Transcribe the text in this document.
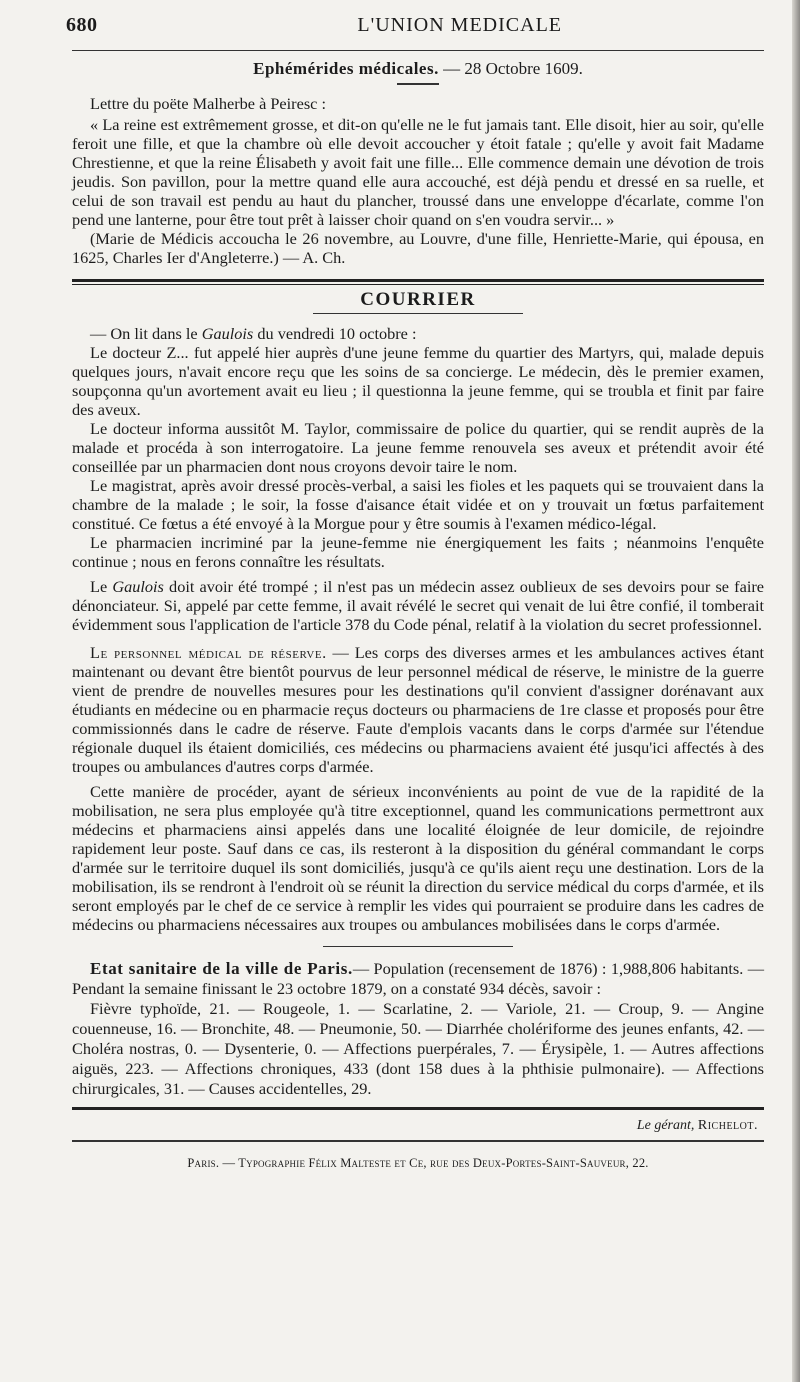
680	L'UNION MEDICALE
Ephémérides médicales. — 28 Octobre 1609.
Lettre du poëte Malherbe à Peiresc :

« La reine est extrêmement grosse, et dit-on qu'elle ne le fut jamais tant. Elle disoit, hier au soir, qu'elle feroit une fille, et que la chambre où elle devoit accoucher y étoit fatale ; qu'elle y avoit fait Madame Chrestienne, et que la reine Élisabeth y avoit fait une fille... Elle commence demain une dévotion de trois jeudis. Son pavillon, pour la mettre quand elle aura accouché, est déjà pendu et dressé en sa ruelle, et celui de son travail est pendu au haut du plancher, troussé dans une enveloppe d'écarlate, comme l'on pend une lanterne, pour être tout prêt à laisser choir quand on s'en voudra servir... »

(Marie de Médicis accoucha le 26 novembre, au Louvre, d'une fille, Henriette-Marie, qui épousa, en 1625, Charles Ier d'Angleterre.) — A. Ch.

COURRIER

— On lit dans le Gaulois du vendredi 10 octobre :

Le docteur Z... fut appelé hier auprès d'une jeune femme du quartier des Martyrs, qui, malade depuis quelques jours, n'avait encore reçu que les soins de sa concierge. Le médecin, dès le premier examen, soupçonna qu'un avortement avait eu lieu ; il questionna la jeune femme, qui se troubla et finit par faire des aveux.

Le docteur informa aussitôt M. Taylor, commissaire de police du quartier, qui se rendit auprès de la malade et procéda à son interrogatoire. La jeune femme renouvela ses aveux et prétendit avoir été conseillée par un pharmacien dont nous croyons devoir taire le nom.

Le magistrat, après avoir dressé procès-verbal, a saisi les fioles et les paquets qui se trouvaient dans la chambre de la malade ; le soir, la fosse d'aisance était vidée et on y trouvait un fœtus parfaitement constitué. Ce fœtus a été envoyé à la Morgue pour y être soumis à l'examen médico-légal.

Le pharmacien incriminé par la jeune-femme nie énergiquement les faits ; néanmoins l'enquête continue ; nous en ferons connaître les résultats.

Le Gaulois doit avoir été trompé ; il n'est pas un médecin assez oublieux de ses devoirs pour se faire dénonciateur. Si, appelé par cette femme, il avait révélé le secret qui venait de lui être confié, il tomberait évidemment sous l'application de l'article 378 du Code pénal, relatif à la violation du secret professionnel.

Le personnel médical de réserve. — Les corps des diverses armes et les ambulances actives étant maintenant ou devant être bientôt pourvus de leur personnel médical de réserve, le ministre de la guerre vient de prendre de nouvelles mesures pour les destinations qu'il convient d'assigner dorénavant aux étudiants en médecine ou en pharmacie reçus docteurs ou pharmaciens de 1re classe et proposés pour être commissionnés dans le cadre de réserve. Faute d'emplois vacants dans le corps d'armée sur l'étendue régionale duquel ils étaient domiciliés, ces médecins ou pharmaciens avaient été jusqu'ici affectés à des troupes ou ambulances d'autres corps d'armée.

Cette manière de procéder, ayant de sérieux inconvénients au point de vue de la rapidité de la mobilisation, ne sera plus employée qu'à titre exceptionnel, quand les communications permettront aux médecins et pharmaciens ainsi appelés dans une localité éloignée de leur domicile, de rejoindre rapidement leur poste. Sauf dans ce cas, ils resteront à la disposition du général commandant le corps d'armée sur le territoire duquel ils sont domiciliés, jusqu'à ce qu'ils aient reçu une destination. Lors de la mobilisation, ils se rendront à l'endroit où se réunit la direction du service médical du corps d'armée, et ils seront employés par le chef de ce service à remplir les vides qui pourraient se produire dans les cadres de médecins ou pharmaciens nécessaires aux troupes ou ambulances mobilisées dans le corps d'armée.

Etat sanitaire de la ville de Paris.— Population (recensement de 1876) : 1,988,806 habitants. — Pendant la semaine finissant le 23 octobre 1879, on a constaté 934 décès, savoir :

Fièvre typhoïde, 21. — Rougeole, 1. — Scarlatine, 2. — Variole, 21. — Croup, 9. — Angine couenneuse, 16. — Bronchite, 48. — Pneumonie, 50. — Diarrhée cholériforme des jeunes enfants, 42. — Choléra nostras, 0. — Dysenterie, 0. — Affections puerpérales, 7. — Érysipèle, 1. — Autres affections aiguës, 223. — Affections chroniques, 433 (dont 158 dues à la phthisie pulmonaire). — Affections chirurgicales, 31. — Causes accidentelles, 29.

Le gérant, Richelot.
Paris. — Typographie Félix Malteste et Ce, rue des Deux-Portes-Saint-Sauveur, 22.
